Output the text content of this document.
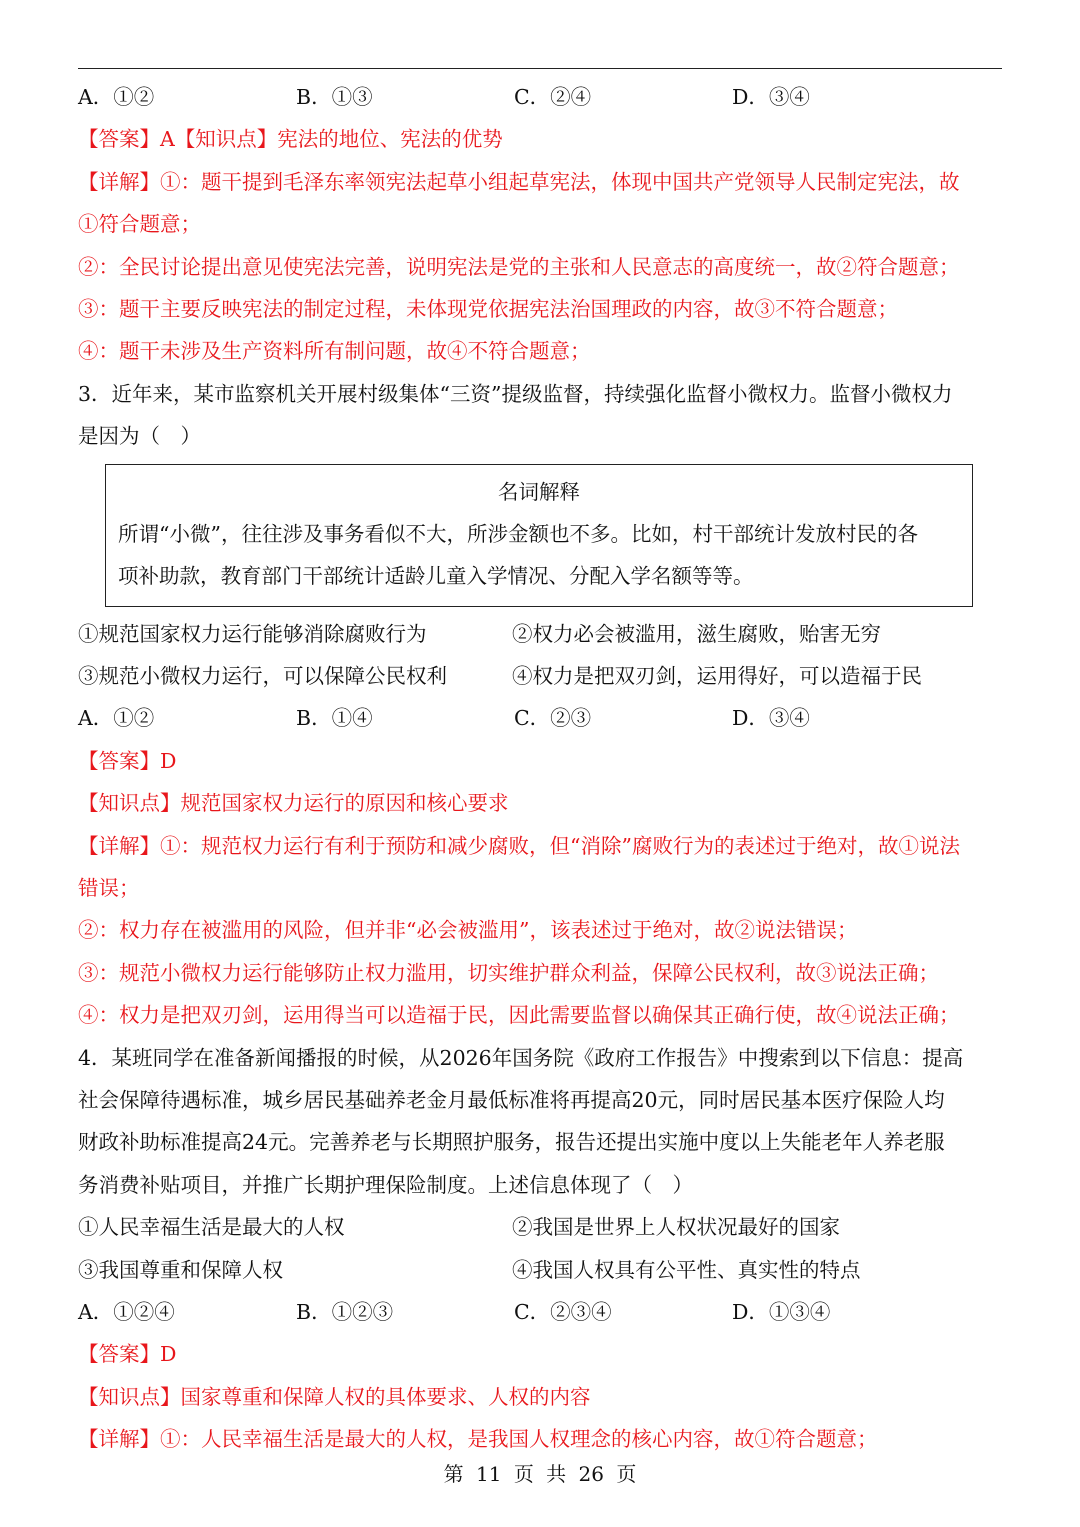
A．①②	B．①③	C．②④	D．③④
【答案】A【知识点】宪法的地位、宪法的优势
【详解】①：题干提到毛泽东率领宪法起草小组起草宪法，体现中国共产党领导人民制定宪法，故
①符合题意；
②：全民讨论提出意见使宪法完善，说明宪法是党的主张和人民意志的高度统一，故②符合题意；
③：题干主要反映宪法的制定过程，未体现党依据宪法治国理政的内容，故③不符合题意；
④：题干未涉及生产资料所有制问题，故④不符合题意；
3．近年来，某市监察机关开展村级集体“三资”提级监督，持续强化监督小微权力。监督小微权力
是因为（　）
名词解释
所谓“小微”，往往涉及事务看似不大，所涉金额也不多。比如，村干部统计发放村民的各
项补助款，教育部门干部统计适龄儿童入学情况、分配入学名额等等。
①规范国家权力运行能够消除腐败行为	②权力必会被滥用，滋生腐败，贻害无穷
③规范小微权力运行，可以保障公民权利	④权力是把双刃剑，运用得好，可以造福于民
A．①②	B．①④	C．②③	D．③④
【答案】D
【知识点】规范国家权力运行的原因和核心要求
【详解】①：规范权力运行有利于预防和减少腐败，但“消除”腐败行为的表述过于绝对，故①说法
错误；
②：权力存在被滥用的风险，但并非“必会被滥用”，该表述过于绝对，故②说法错误；
③：规范小微权力运行能够防止权力滥用，切实维护群众利益，保障公民权利，故③说法正确；
④：权力是把双刃剑，运用得当可以造福于民，因此需要监督以确保其正确行使，故④说法正确；
4．某班同学在准备新闻播报的时候，从2026年国务院《政府工作报告》中搜索到以下信息：提高
社会保障待遇标准，城乡居民基础养老金月最低标准将再提高20元，同时居民基本医疗保险人均
财政补助标准提高24元。完善养老与长期照护服务，报告还提出实施中度以上失能老年人养老服
务消费补贴项目，并推广长期护理保险制度。上述信息体现了（　）
①人民幸福生活是最大的人权	②我国是世界上人权状况最好的国家
③我国尊重和保障人权	④我国人权具有公平性、真实性的特点
A．①②④	B．①②③	C．②③④	D．①③④
【答案】D
【知识点】国家尊重和保障人权的具体要求、人权的内容
【详解】①：人民幸福生活是最大的人权，是我国人权理念的核心内容，故①符合题意；
第 11 页 共 26 页
